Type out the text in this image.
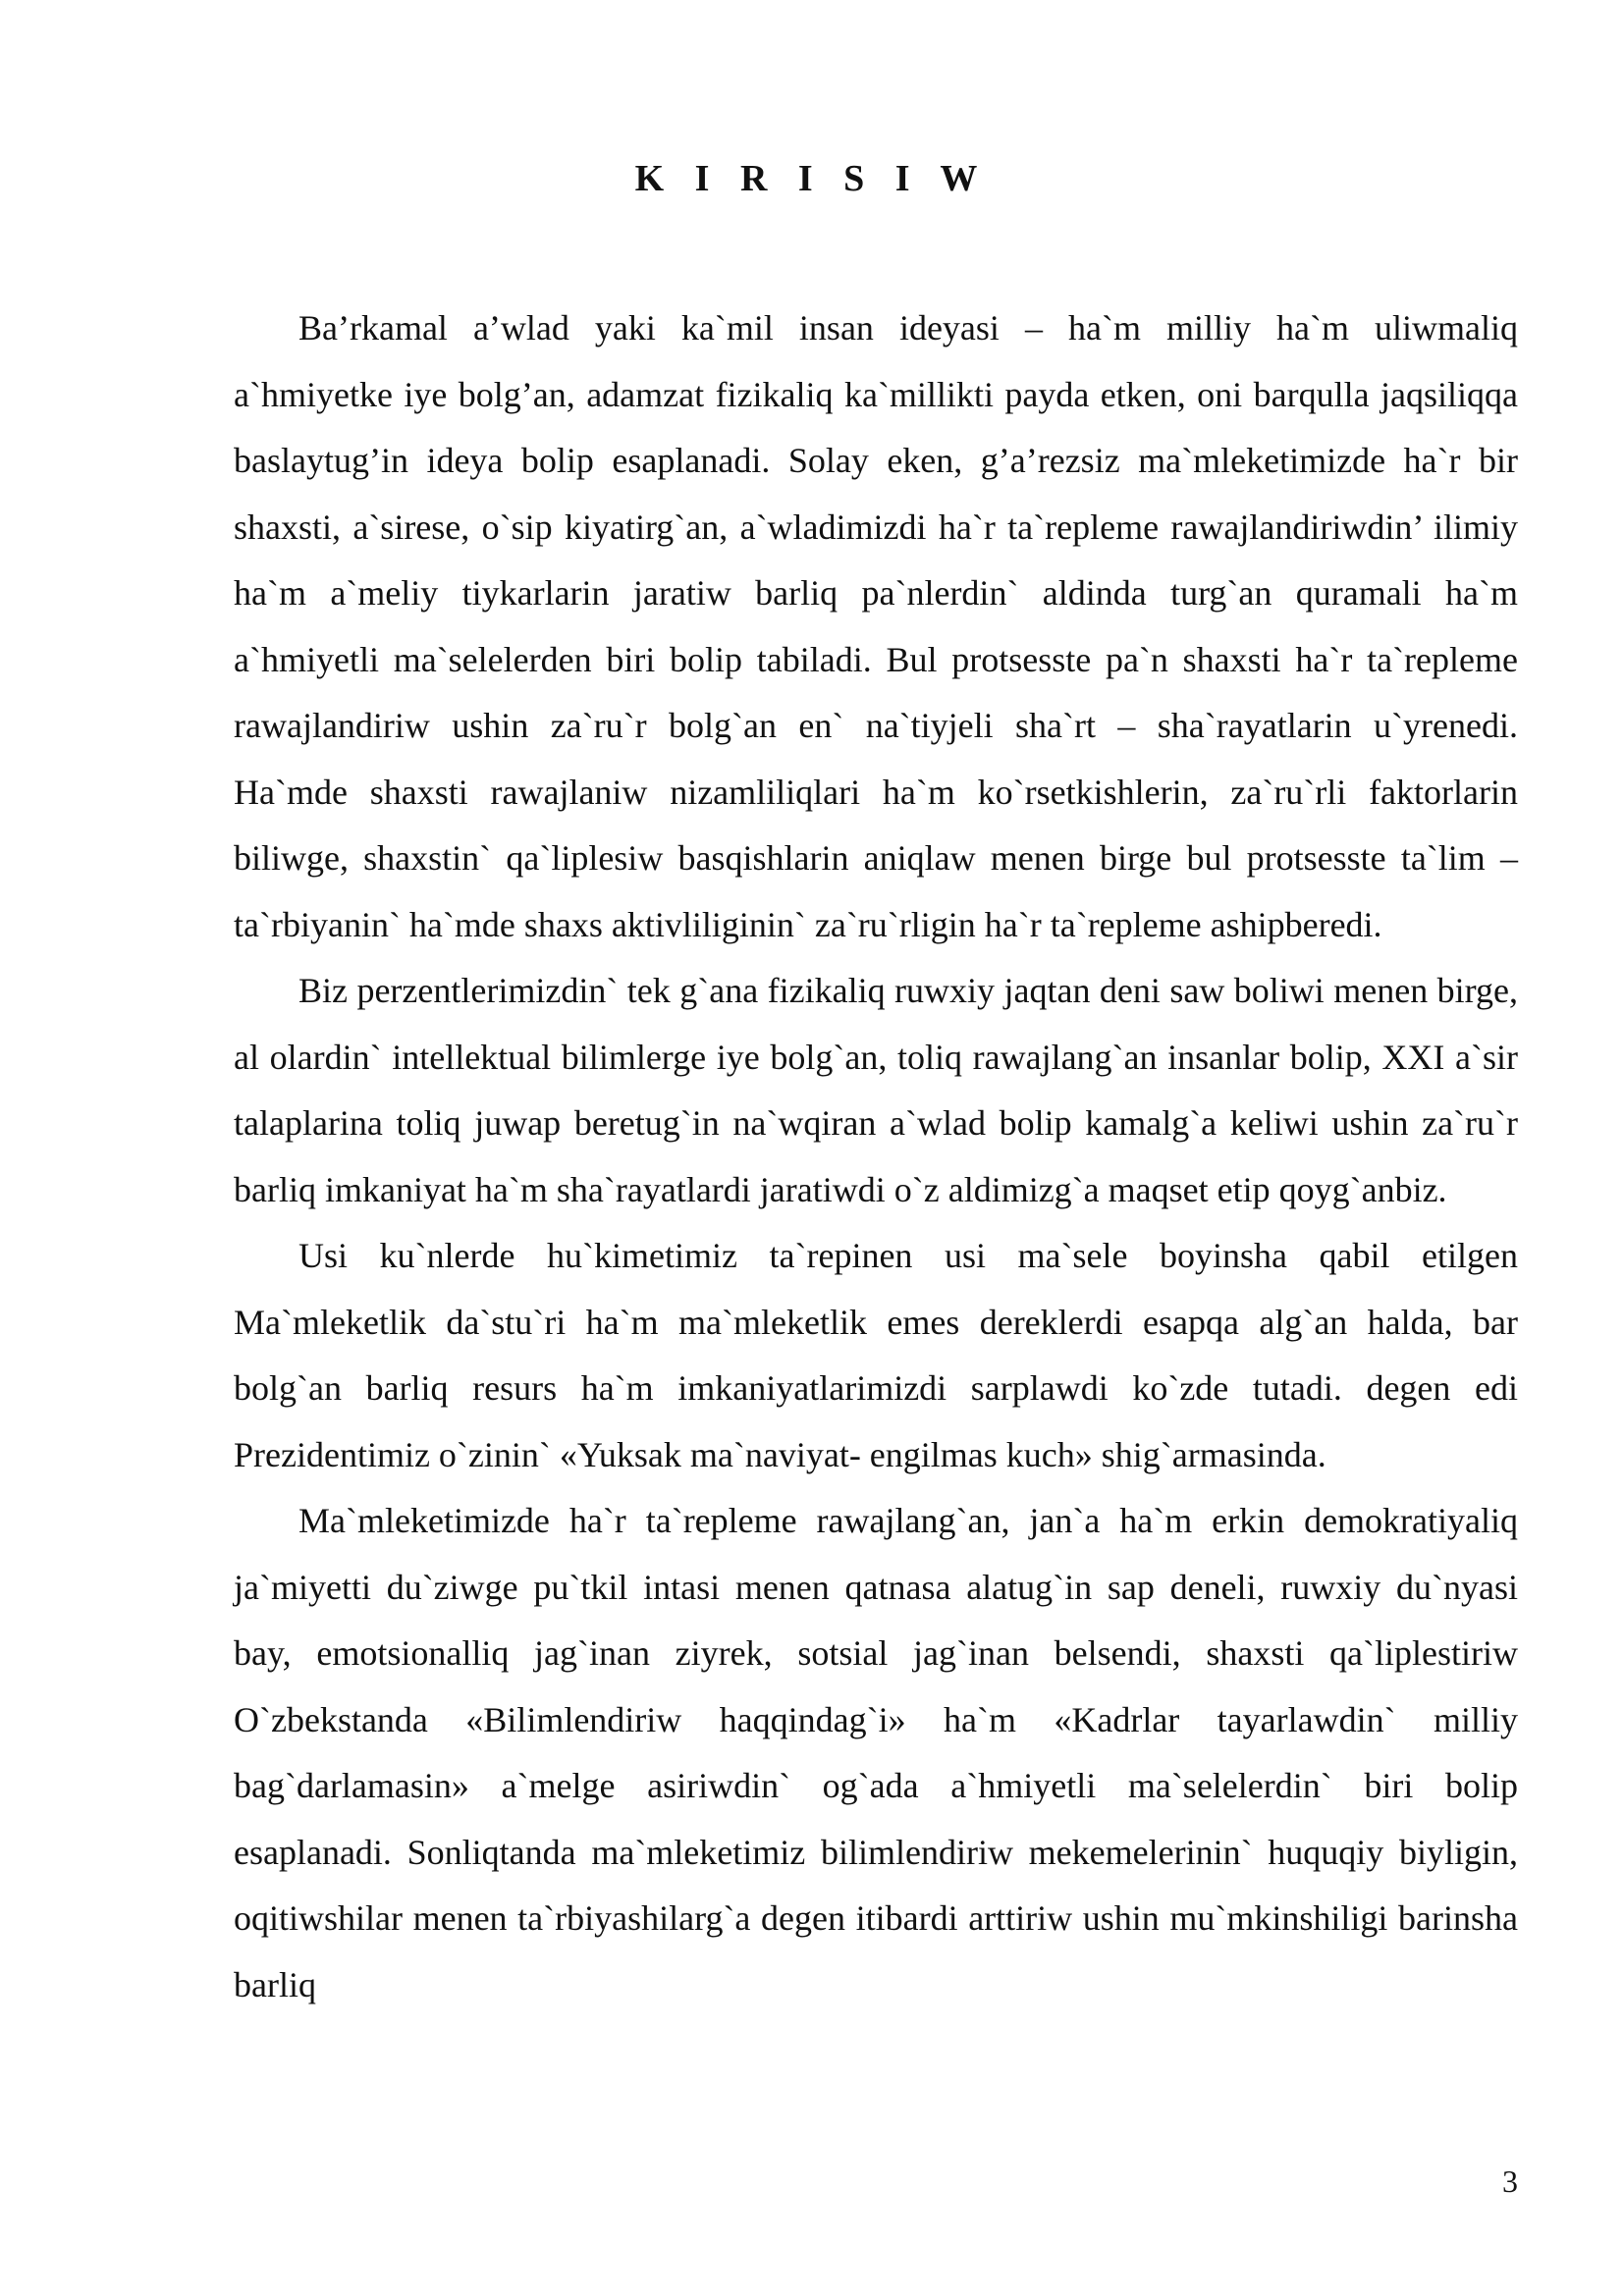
K I R I S I W

Ba’rkamal a’wlad yaki ka`mil insan ideyasi – ha`m milliy ha`m uliwmaliq a`hmiyetke iye bolg’an, adamzat fizikaliq ka`millikti payda etken, oni barqulla jaqsiliqqa baslaytug’in ideya bolip esaplanadi. Solay eken, g’a’rezsiz ma`mleketimizde ha`r bir shaxsti, a`sirese, o`sip kiyatirg`an, a`wladimizdi ha`r ta`repleme rawajlandiriwdin’ ilimiy ha`m a`meliy tiykarlarin jaratiw barliq pa`nlerdin` aldinda turg`an quramali ha`m a`hmiyetli ma`selelerden biri bolip tabiladi. Bul protsesste pa`n shaxsti ha`r ta`repleme rawajlandiriw ushin za`ru`r bolg`an en` na`tiyjeli sha`rt – sha`rayatlarin u`yrenedi. Ha`mde shaxsti rawajlaniw nizamliliqlari ha`m ko`rsetkishlerin, za`ru`rli faktorlarin biliwge, shaxstin` qa`liplesiw basqishlarin aniqlaw menen birge bul protsesste ta`lim – ta`rbiyanin` ha`mde shaxs aktivliliginin` za`ru`rligin ha`r ta`repleme ashipberedi.

Biz perzentlerimizdin` tek g`ana fizikaliq ruwxiy jaqtan deni saw boliwi menen birge, al olardin` intellektual bilimlerge iye bolg`an, toliq rawajlang`an insanlar bolip, XXI a`sir talaplarina toliq juwap beretug`in na`wqiran a`wlad bolip kamalg`a keliwi ushin za`ru`r barliq imkaniyat ha`m sha`rayatlardi jaratiwdi o`z aldimizg`a maqset etip qoyg`anbiz.

Usi ku`nlerde hu`kimetimiz ta`repinen usi ma`sele boyinsha qabil etilgen Ma`mleketlik da`stu`ri ha`m ma`mleketlik emes dereklerdi esapqa alg`an halda, bar bolg`an barliq resurs ha`m imkaniyatlarimizdi sarplawdi ko`zde tutadi. degen edi Prezidentimiz o`zinin` «Yuksak ma`naviyat- engilmas kuch» shig`armasinda.

Ma`mleketimizde ha`r ta`repleme rawajlang`an, jan`a ha`m erkin demokratiyaliq ja`miyetti du`ziwge pu`tkil intasi menen qatnasa alatug`in sap deneli, ruwxiy du`nyasi bay, emotsionalliq jag`inan ziyrek, sotsial jag`inan belsendi, shaxsti qa`liplestiriw O`zbekstanda «Bilimlendiriw haqqindag`i» ha`m «Kadrlar tayarlawdin` milliy bag`darlamasin» a`melge asiriwdin` og`ada a`hmiyetli ma`selelerdin` biri bolip esaplanadi. Sonliqtanda ma`mleketimiz bilimlendiriw mekemelerinin` huquqiy biyligin, oqitiwshilar menen ta`rbiyashilarg`a degen itibardi arttiriw ushin mu`mkinshiligi barinsha barliq

3
